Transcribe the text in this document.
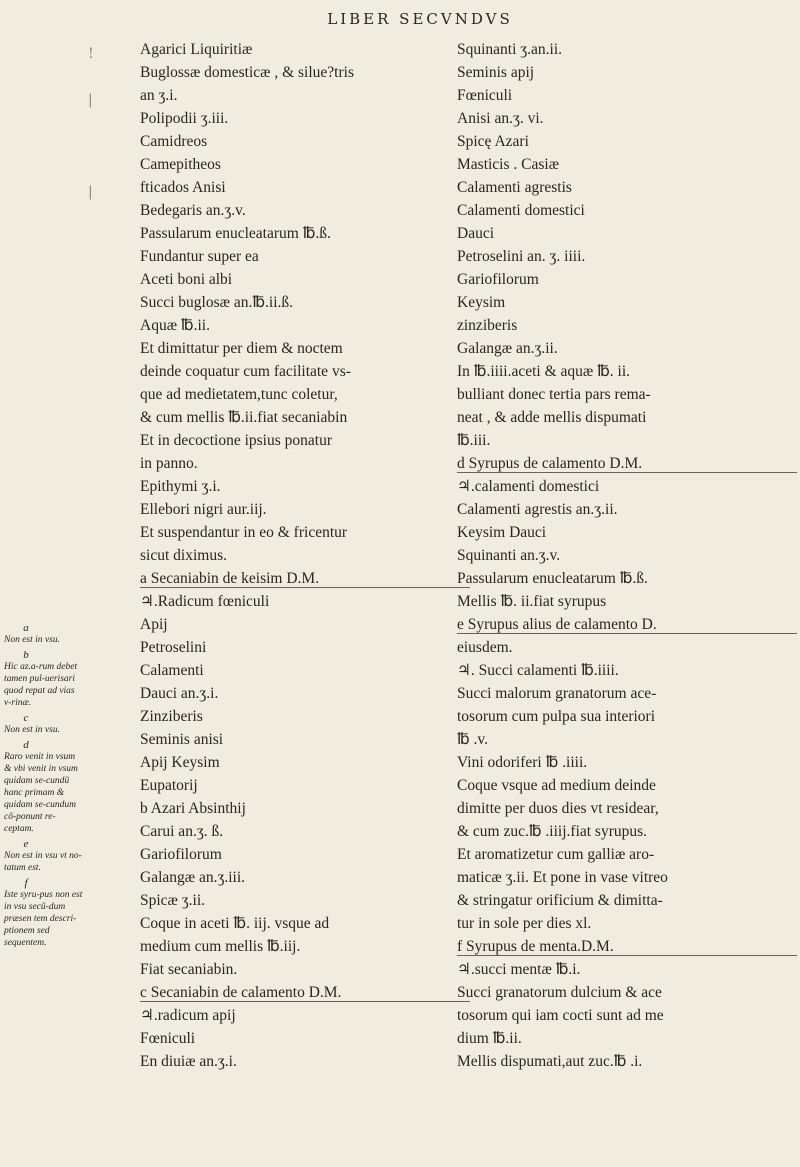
LIBER SECVNDVS
!
|
|
a
Non est in vsu.
b
Hic az.a-rum debet tamen pul-uerisari quod repat ad vias v-rinæ.
c
Non est in vsu.
d
Raro venit in vsum & vbi venit in vsum quidam se-cundũ hanc primam & quidam se-cundum cõ-ponunt re-ceptam.
e
Non est in vsu vt no-tatum est.
f
Iste syru-pus non est in vsu secũ-dum præsen tem descri-ptionem sed sequentem.
Agarici Liquiritiæ
Buglossæ domesticæ , & silue?tris
an ʒ.i.
Polipodii ʒ.iii.
Camidreos
Camepitheos
fticados Anisi
Bedegaris an.ʒ.v.
Passularum enucleatarum ℔.ß.
Fundantur super ea
Aceti boni albi
Succi buglosæ an.℔.ii.ß.
Aquæ ℔.ii.
Et dimittatur per diem & noctem
deinde coquatur cum facilitate vs-
que ad medietatem,tunc coletur,
& cum mellis ℔.ii.fiat secaniabin
Et in decoctione ipsius ponatur
in panno.
Epithymi ʒ.i.
Ellebori nigri aur.iij.
Et suspendantur in eo & fricentur
sicut diximus.
a Secaniabin de keisim D.M.
♃.Radicum fœniculi
Apij
Petroselini
Calamenti
Dauci an.ʒ.i.
Zinziberis
Seminis anisi
Apij Keysim
Eupatorij
b Azari Absinthij
Carui an.ʒ. ß.
Gariofilorum
Galangæ an.ʒ.iii.
Spicæ ʒ.ii.
Coque in aceti ℔. iij. vsque ad
medium cum mellis ℔.iij.
Fiat secaniabin.
c Secaniabin de calamento D.M.
♃.radicum apij
Fœniculi
En diuiæ an.ʒ.i.
Squinanti ʒ.an.ii.
Seminis apij
Fœniculi
Anisi an.ʒ. vi.
Spicę Azari
Masticis . Casiæ
Calamenti agrestis
Calamenti domestici
Dauci
Petroselini an. ʒ. iiii.
Gariofilorum
Keysim
zinziberis
Galangæ an.ʒ.ii.
In ℔.iiii.aceti & aquæ ℔. ii.
bulliant donec tertia pars rema-
neat , & adde mellis dispumati
℔.iii.
d Syrupus de calamento D.M.
♃.calamenti domestici
Calamenti agrestis an.ʒ.ii.
Keysim Dauci
Squinanti an.ʒ.v.
Passularum enucleatarum ℔.ß.
Mellis ℔. ii.fiat syrupus
e Syrupus alius de calamento D.
eiusdem.
♃. Succi calamenti ℔.iiii.
Succi malorum granatorum ace-
tosorum cum pulpa sua interiori
℔ .v.
Vini odoriferi ℔ .iiii.
Coque vsque ad medium deinde
dimitte per duos dies vt residear,
& cum zuc.℔ .iiij.fiat syrupus.
Et aromatizetur cum galliæ aro-
maticæ ʒ.ii. Et pone in vase vitreo
& stringatur orificium & dimitta-
tur in sole per dies xl.
f Syrupus de menta.D.M.
♃.succi mentæ ℔.i.
Succi granatorum dulcium & ace
tosorum qui iam cocti sunt ad me
dium ℔.ii.
Mellis dispumati,aut zuc.℔ .i.
